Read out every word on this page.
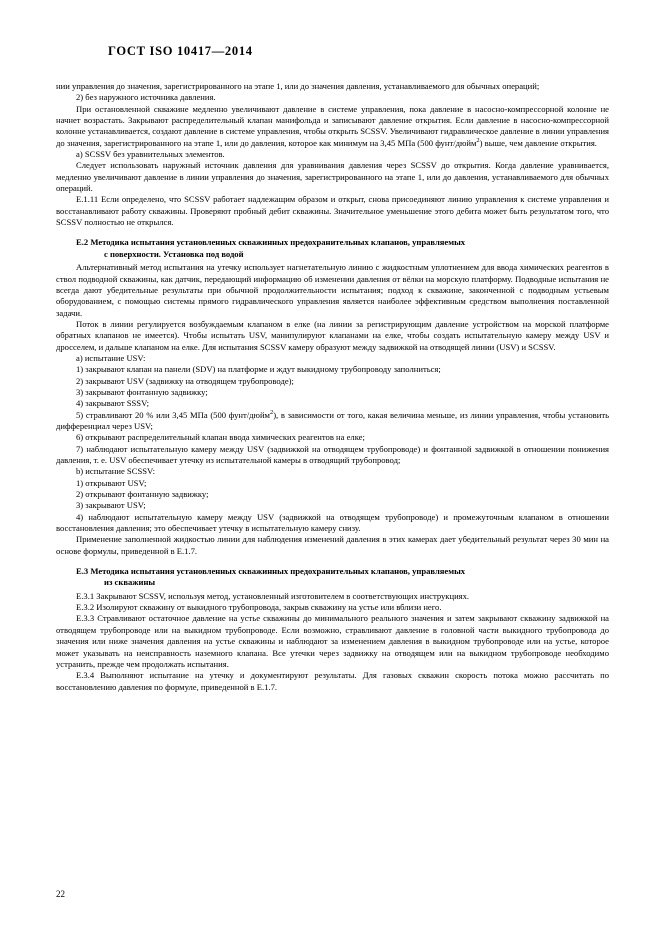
ГОСТ ISO 10417—2014

нии управления до значения, зарегистрированного на этапе 1, или до значения давления, устанавливаемого для обычных операций;

2) без наружного источника давления.

При остановленной скважине медленно увеличивают давление в системе управления, пока давление в насосно-компрессорной колонне не начнет возрастать. Закрывают распределительный клапан манифольда и записывают давление открытия. Если давление в насосно-компрессорной колонне устанавливается, создают давление в системе управления, чтобы открыть SCSSV. Увеличивают гидравлическое давление в линии управления до значения, зарегистрированного на этапе 1, или до давления, которое как минимум на 3,45 МПа (500 фунт/дюйм$^2$) выше, чем давление открытия.

a) SCSSV без уравнительных элементов.

Следует использовать наружный источник давления для уравнивания давления через SCSSV до открытия. Когда давление уравнивается, медленно увеличивают давление в линии управления до значения, зарегистрированного на этапе 1, или до давления, устанавливаемого для обычных операций.

E.1.11 Если определено, что SCSSV работает надлежащим образом и открыт, снова присоединяют линию управления к системе управления и восстанавливают работу скважины. Проверяют пробный дебит скважины. Значительное уменьшение этого дебита может быть результатом того, что SCSSV полностью не открылся.

E.2 Методика испытания установленных скважинных предохранительных клапанов, управляемых
с поверхности. Установка под водой

Альтернативный метод испытания на утечку использует нагнетательную линию с жидкостным уплотнением для ввода химических реагентов в ствол подводной скважины, как датчик, передающий информацию об изменении давления от вёлки на морскую платформу. Подводные испытания не всегда дают убедительные результаты при обычной продолжительности испытания; подход к скважине, законченной с подводным устьевым оборудованием, с помощью системы прямого гидравлического управления является наиболее эффективным средством выполнения поставленной задачи.

Поток в линии регулируется возбуждаемым клапаном в елке (на линии за регистрирующим давление устройством на морской платформе обратных клапанов не имеется). Чтобы испытать USV, манипулируют клапанами на елке, чтобы создать испытательную камеру между USV и дросселем, и дальше клапаном на елке. Для испытания SCSSV камеру образуют между задвижкой на отводящей линии (USV) и SCSSV.

a) испытание USV:

1) закрывают клапан на панели (SDV) на платформе и ждут выкидному трубопроводу заполниться;

2) закрывают USV (задвижку на отводящем трубопроводе);

3) закрывают фонтанную задвижку;

4) закрывают SSSV;

5) стравливают 20 % или 3,45 МПа (500 фунт/дюйм$^2$), в зависимости от того, какая величина меньше, из линии управления, чтобы установить дифференциал через USV;

6) открывают распределительный клапан ввода химических реагентов на елке;

7) наблюдают испытательную камеру между USV (задвижкой на отводящем трубопроводе) и фонтанной задвижкой в отношении понижения давления, т. е. USV обеспечивает утечку из испытательной камеры в отводящий трубопровод;

b) испытание SCSSV:

1) открывают USV;

2) открывают фонтанную задвижку;

3) закрывают USV;

4) наблюдают испытательную камеру между USV (задвижкой на отводящем трубопроводе) и промежуточным клапаном в отношении восстановления давления; это обеспечивает утечку в испытательную камеру снизу.

Применение заполненной жидкостью линии для наблюдения изменений давления в этих камерах дает убедительный результат через 30 мин на основе формулы, приведенной в E.1.7.

E.3 Методика испытания установленных скважинных предохранительных клапанов, управляемых
из скважины

E.3.1 Закрывают SCSSV, используя метод, установленный изготовителем в соответствующих инструкциях.

E.3.2 Изолируют скважину от выкидного трубопровода, закрыв скважину на устье или вблизи него.

E.3.3 Стравливают остаточное давление на устье скважины до минимального реального значения и затем закрывают скважину задвижкой на отводящем трубопроводе или на выкидном трубопроводе. Если возможно, стравливают давление в головной части выкидного трубопровода до значения или ниже значения давления на устье скважины и наблюдают за изменением давления в выкидном трубопроводе или на устье, которое может указывать на неисправность наземного клапана. Все утечки через задвижку на отводящем или на выкидном трубопроводе необходимо устранить, прежде чем продолжать испытания.

E.3.4 Выполняют испытание на утечку и документируют результаты. Для газовых скважин скорость потока можно рассчитать по восстановлению давления по формуле, приведенной в E.1.7.

22
